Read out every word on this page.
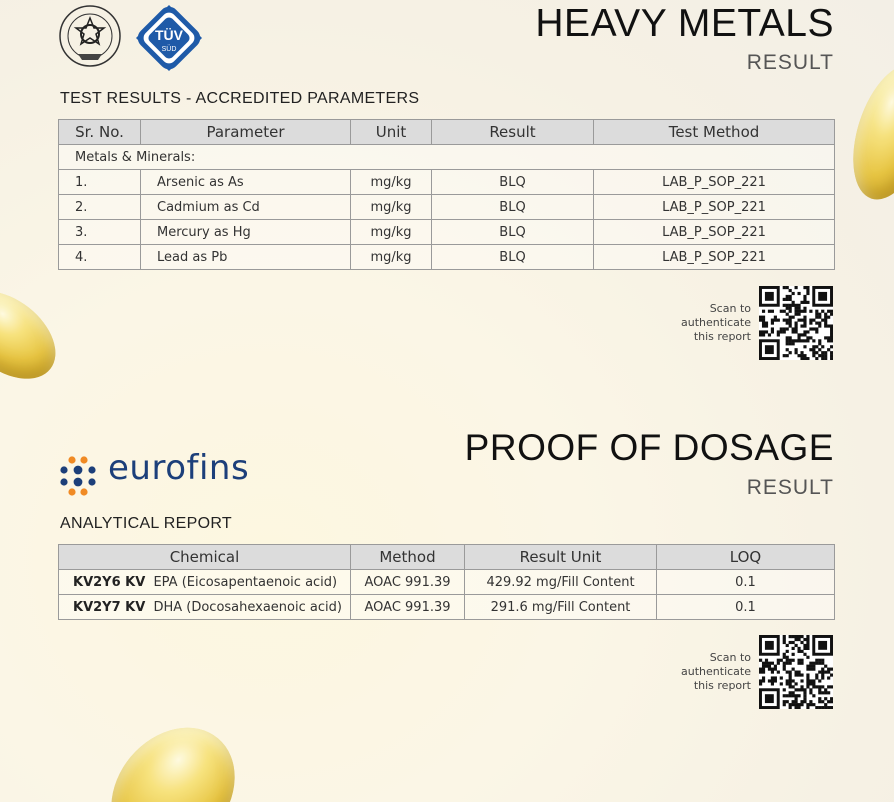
TÜV
SÜD
HEAVY METALS
RESULT
TEST RESULTS - ACCREDITED PARAMETERS
Sr. No.	Parameter	Unit	Result	Test Method
Metals & Minerals:				
1.	Arsenic as As	mg/kg	BLQ	LAB_P_SOP_221
2.	Cadmium as Cd	mg/kg	BLQ	LAB_P_SOP_221
3.	Mercury as Hg	mg/kg	BLQ	LAB_P_SOP_221
4.	Lead as Pb	mg/kg	BLQ	LAB_P_SOP_221
Scan to
authenticate
this report
PROOF OF DOSAGE
RESULT
eurofins
ANALYTICAL REPORT
Chemical	Method	Result Unit	LOQ
KV2Y6 KV EPA (Eicosapentaenoic acid)	AOAC 991.39	429.92 mg/Fill Content	0.1
KV2Y7 KV DHA (Docosahexaenoic acid)	AOAC 991.39	291.6 mg/Fill Content	0.1
Scan to
authenticate
this report
